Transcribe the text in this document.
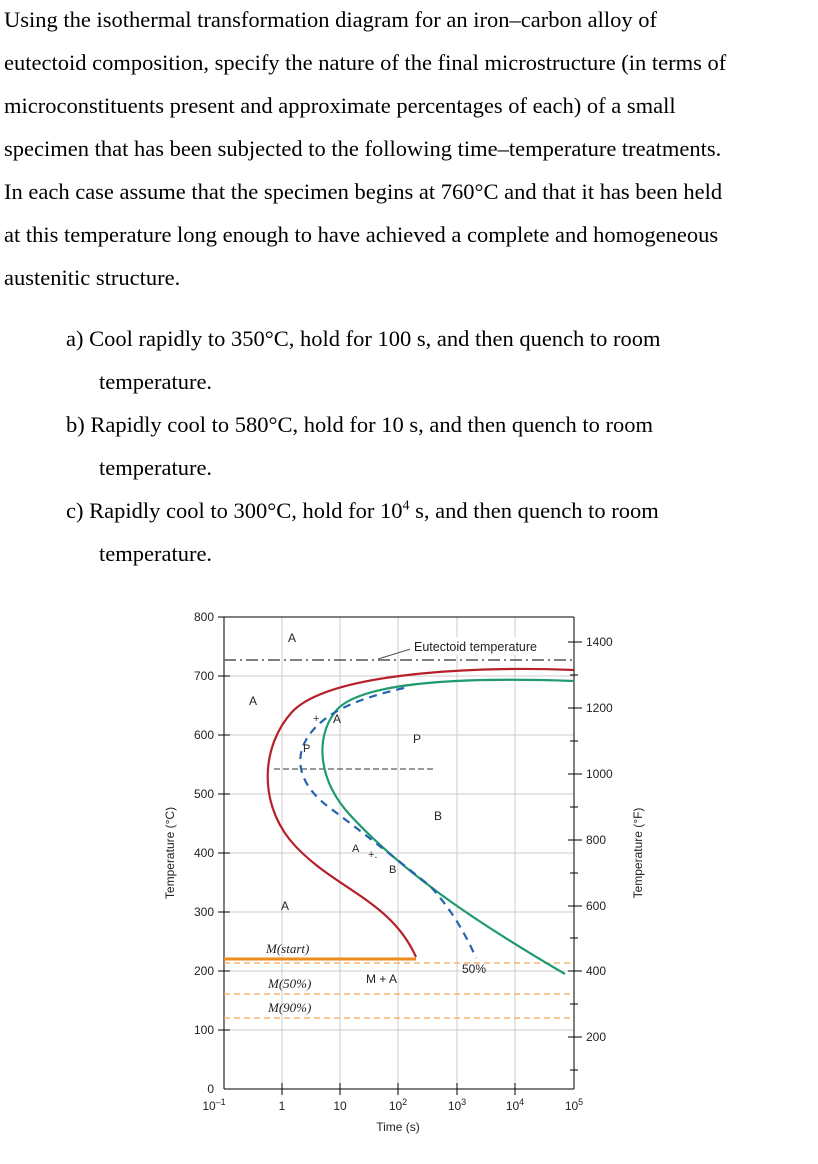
Using the isothermal transformation diagram for an iron–carbon alloy of
eutectoid composition, specify the nature of the final microstructure (in terms of
microconstituents present and approximate percentages of each) of a small
specimen that has been subjected to the following time–temperature treatments.
In each case assume that the specimen begins at 760°C and that it has been held
at this temperature long enough to have achieved a complete and homogeneous
austenitic structure.
a) Cool rapidly to 350°C, hold for 100 s, and then quench to room
temperature.
b) Rapidly cool to 580°C, hold for 10 s, and then quench to room
temperature.
c) Rapidly cool to 300°C, hold for $10^4$ s, and then quench to room
temperature.
+
+.
A
A
A
P
P
B
A
B
A
M + A
50%
Eutectoid temperature
M(start)
M(50%)
M(90%)
800
700
600
500
400
300
200
100
0
1400
1200
1000
800
600
400
200
$10^{-1}$	1	10	$10^2$	$10^3$	$10^4$	$10^5$
Time (s)
Temperature (°C)	Temperature (°F)
